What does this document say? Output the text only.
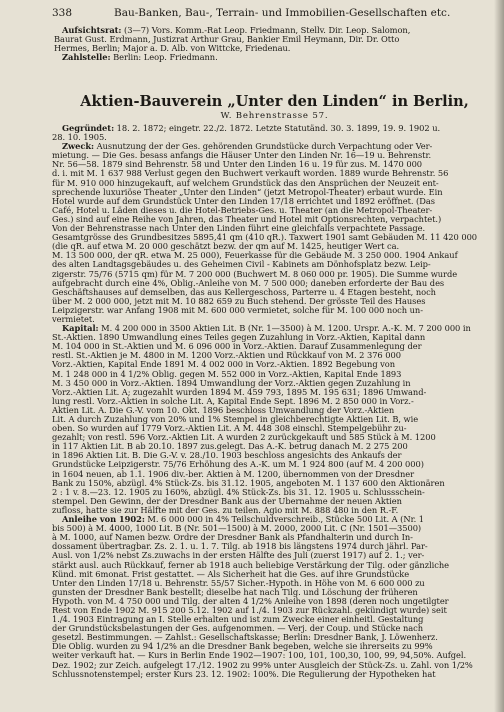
338	Bau-Banken, Bau-, Terrain- und Immobilien-Gesellschaften etc.
Aufsichtsrat: (3—7) Vors. Komm.-Rat Leop. Friedmann, Stellv. Dir. Leop. Salomon,
Baurat Gust. Erdmann, Justizrat Arthur Grau, Bankier Emil Heymann, Dir. Dr. Otto
Hermes, Berlin; Major a. D. Alb. von Wittcke, Friedenau.
Zahlstelle: Berlin: Leop. Friedmann.
Aktien-Bauverein „Unter den Linden“ in Berlin,
W. Behrenstrasse 57.
Gegründet: 18. 2. 1872; eingetr. 22./2. 1872. Letzte Statutänd. 30. 3. 1899, 19. 9. 1902 u.
28. 10. 1905.
Zweck: Ausnutzung der der Ges. gehörenden Grundstücke durch Verpachtung oder Ver-
mietung. — Die Ges. besass anfangs die Häuser Unter den Linden Nr. 16—19 u. Behrenstr.
Nr. 56—58. 1879 sind Behrenstr. 58 und Unter den Linden 16 u. 19 für zus. M. 1470 000
d. i. mit M. 1 637 988 Verlust gegen den Buchwert verkauft worden. 1889 wurde Behrenstr. 56
für M. 910 000 hinzugekauft, auf welchem Grundstück das den Ansprüchen der Neuzeit ent-
sprechende luxuriöse Theater „Unter den Linden“ (jetzt Metropol-Theater) erbaut wurde. Ein
Hotel wurde auf dem Grundstück Unter den Linden 17/18 errichtet und 1892 eröffnet. (Das
Café, Hotel u. Läden dieses u. die Hotel-Betriebs-Ges. u. Theater (an die Metropol-Theater-
Ges.) sind auf eine Reihe von Jahren, das Theater und Hotel mit Optionsrechten, verpachtet.)
Von der Behrenstrasse nach Unter den Linden führt eine gleichfalls verpachtete Passage.
Gesamtgrösse des Grundbesitzes 5895,41 qm (410 qR.). Taxwert 1901 samt Gebäuden M. 11 420 000
(die qR. auf etwa M. 20 000 geschätzt bezw. der qm auf M. 1425, heutiger Wert ca.
M. 13 500 000, der qR. etwa M. 25 000), Feuerkasse für die Gebäude M. 3 250 000. 1904 Ankauf
des alten Landtagsgebäudes u. des Geheimen Civil - Kabinets am Dönhofsplatz bezw. Leip-
zigerstr. 75/76 (5715 qm) für M. 7 200 000 (Buchwert M. 8 060 000 pr. 1905). Die Summe wurde
aufgebracht durch eine 4%, Oblig.-Anleihe von M. 7 500 000; daneben erforderte der Bau des
Geschäftshauses auf demselben, das aus Kellergeschoss, Parterre u. 4 Etagen besteht, noch
über M. 2 000 000, jetzt mit M. 10 882 659 zu Buch stehend. Der grösste Teil des Hauses
Leipzigerstr. war Anfang 1908 mit M. 600 000 vermietet, solche für M. 100 000 noch un-
vermietet.
Kapital: M. 4 200 000 in 3500 Aktien Lit. B (Nr. 1—3500) à M. 1200. Urspr. A.-K. M. 7 200 000 in
St.-Aktien. 1890 Umwandlung eines Teiles gegen Zuzahlung in Vorz.-Aktien, Kapital dann
M. 104 000 in St.-Aktien und M. 6 096 000 in Vorz.-Aktien. Darauf Zusammenlegung der
restl. St.-Aktien je M. 4800 in M. 1200 Vorz.-Aktien und Rückkauf von M. 2 376 000
Vorz.-Aktien, Kapital Ende 1891 M. 4 002 000 in Vorz.-Aktien. 1892 Begebung von
M. 1 248 000 in 4 1/2% Oblig. gegen M. 552 000 in Vorz.-Aktien, Kapital Ende 1893
M. 3 450 000 in Vorz.-Aktien. 1894 Umwandlung der Vorz.-Aktien gegen Zuzahlung in
Vorz.-Aktien Lit. A; zugezahlt wurden 1894 M. 459 793, 1895 M. 195 631; 1896 Umwand-
lung restl. Vorz.-Aktien in solche Lit. A, Kapital Ende Sept. 1896 M. 2 850 000 in Vorz.-
Aktien Lit. A. Die G.-V. vom 10. Okt. 1896 beschloss Umwandlung der Vorz.-Aktien
Lit. A durch Zuzahlung von 20% und 1% Stempel in gleichberechtigte Aktien Lit. B, wie
oben. So wurden auf 1779 Vorz.-Aktien Lit. A M. 448 308 einschl. Stempelgebühr zu-
gezahlt; von restl. 596 Vorz.-Aktien Lit. A wurden 2 zurückgekauft und 585 Stück à M. 1200
in 117 Aktien Lit. B ab 20.10. 1897 zus.gelegt. Das A.-K. betrug danach M. 2 275 200
in 1896 Aktien Lit. B. Die G.-V. v. 28./10. 1903 beschloss angesichts des Ankaufs der
Grundstücke Leipzigerstr. 75/76 Erhöhung des A.-K. um M. 1 924 800 (auf M. 4 200 000)
in 1604 neuen, ab 1.1. 1906 div.-ber. Aktien à M. 1200, übernommen von der Dresdner
Bank zu 150%, abzügl. 4% Stück-Zs. bis 31.12. 1905, angeboten M. 1 137 600 den Aktionären
2 : 1 v. 8.—23. 12. 1905 zu 160%, abzügl. 4% Stück-Zs. bis 31. 12. 1905 u. Schlussschein-
stempel. Den Gewinn, der der Dresdner Bank aus der Übernahme der neuen Aktien
zufloss, hatte sie zur Hälfte mit der Ges. zu teilen. Agio mit M. 888 480 in den R.-F.
Anleihe von 1902: M. 6 000 000 in 4% Teilschuldverschreib., Stücke 500 Lit. A (Nr. 1
bis 500) à M. 4000, 1000 Lit. B (Nr. 501—1500) à M. 2000, 2000 Lit. C (Nr. 1501—3500)
à M. 1000, auf Namen bezw. Ordre der Dresdner Bank als Pfandhalterin und durch In-
dossament übertragbar. Zs. 2. 1. u. 1. 7. Tilg. ab 1918 bis längstens 1974 durch jährl. Par-
Ausl. von 1/2% nebst Zs.zuwachs in der ersten Hälfte des Juli (zuerst 1917) auf 2. 1.; ver-
stärkt ausl. auch Rückkauf, ferner ab 1918 auch beliebige Verstärkung der Tilg. oder gänzliche
Künd. mit 6monat. Frist gestattet. — Als Sicherheit hat die Ges. auf ihre Grundstücke
Unter den Linden 17/18 u. Behrenstr. 55/57 Sicher.-Hypoth. in Höhe von M. 6 600 000 zu
gunsten der Dresdner Bank bestellt; dieselbe hat nach Tilg. und Löschung der früheren
Hypoth. von M. 4 750 000 und Tilg. der alten 4 1/2% Anleihe von 1898 (deren noch ungetilgter
Rest von Ende 1902 M. 915 200 5.12. 1902 auf 1./4. 1903 zur Rückzahl. gekündigt wurde) seit
1./4. 1903 Eintragung an I. Stelle erhalten und ist zum Zwecke einer einheitl. Gestaltung
der Grundstücksbelastungen der Ges. aufgenommen. — Verj. der Coup. und Stücke nach
gesetzl. Bestimmungen. — Zahlst.: Gesellschaftskasse; Berlin: Dresdner Bank, J. Löwenherz.
Die Oblig. wurden zu 94 1/2% an die Dresdner Bank begeben, welche sie ihrerseits zu 99%
weiter verkauft hat. — Kurs in Berlin Ende 1902—1907: 100, 101, 100,30, 100, 99, 94,50%. Aufgel.
Dez. 1902; zur Zeich. aufgelegt 17./12. 1902 zu 99% unter Ausgleich der Stück-Zs. u. Zahl. von 1/2%
Schlussnotenstempel; erster Kurs 23. 12. 1902: 100%. Die Regulierung der Hypotheken hat
